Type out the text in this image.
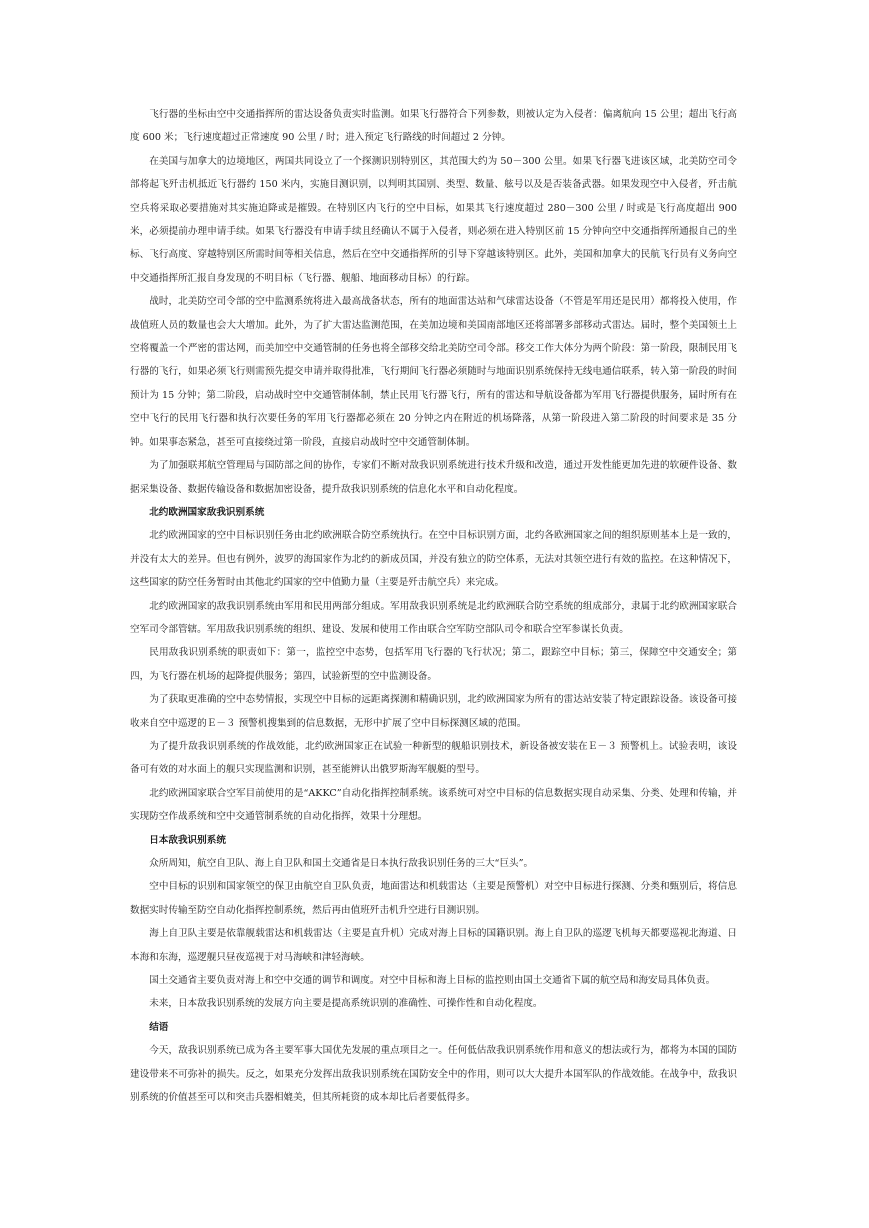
飞行器的坐标由空中交通指挥所的雷达设备负责实时监测。如果飞行器符合下列参数，则被认定为入侵者：偏离航向 15 公里；超出飞行高度 600 米；飞行速度超过正常速度 90 公里 / 时；进入预定飞行路线的时间超过 2 分钟。

在美国与加拿大的边境地区，两国共同设立了一个探测识别特别区，其范围大约为 50－300 公里。如果飞行器飞进该区域，北美防空司令部将起飞歼击机抵近飞行器约 150 米内，实施目测识别，以判明其国别、类型、数量、舷号以及是否装备武器。如果发现空中入侵者，歼击航空兵将采取必要措施对其实施迫降或是摧毁。在特别区内飞行的空中目标，如果其飞行速度超过 280－300 公里 / 时或是飞行高度超出 900 米，必须提前办理申请手续。如果飞行器没有申请手续且经确认不属于入侵者，则必须在进入特别区前 15 分钟向空中交通指挥所通报自己的坐标、飞行高度、穿越特别区所需时间等相关信息，然后在空中交通指挥所的引导下穿越该特别区。此外，美国和加拿大的民航飞行员有义务向空中交通指挥所汇报自身发现的不明目标（飞行器、舰船、地面移动目标）的行踪。

战时，北美防空司令部的空中监测系统将进入最高战备状态，所有的地面雷达站和气球雷达设备（不管是军用还是民用）都将投入使用，作战值班人员的数量也会大大增加。此外，为了扩大雷达监测范围，在美加边境和美国南部地区还将部署多部移动式雷达。届时，整个美国领土上空将覆盖一个严密的雷达网，而美加空中交通管制的任务也将全部移交给北美防空司令部。移交工作大体分为两个阶段：第一阶段，限制民用飞行器的飞行，如果必须飞行则需预先提交申请并取得批准，飞行期间飞行器必须随时与地面识别系统保持无线电通信联系，转入第一阶段的时间预计为 15 分钟；第二阶段，启动战时空中交通管制体制，禁止民用飞行器飞行，所有的雷达和导航设备都为军用飞行器提供服务，届时所有在空中飞行的民用飞行器和执行次要任务的军用飞行器都必须在 20 分钟之内在附近的机场降落，从第一阶段进入第二阶段的时间要求是 35 分钟。如果事态紧急，甚至可直接绕过第一阶段，直接启动战时空中交通管制体制。

为了加强联邦航空管理局与国防部之间的协作，专家们不断对敌我识别系统进行技术升级和改造，通过开发性能更加先进的软硬件设备、数据采集设备、数据传输设备和数据加密设备，提升敌我识别系统的信息化水平和自动化程度。

北约欧洲国家敌我识别系统

北约欧洲国家的空中目标识别任务由北约欧洲联合防空系统执行。在空中目标识别方面，北约各欧洲国家之间的组织原则基本上是一致的，并没有太大的差异。但也有例外，波罗的海国家作为北约的新成员国，并没有独立的防空体系，无法对其领空进行有效的监控。在这种情况下，这些国家的防空任务暂时由其他北约国家的空中值勤力量（主要是歼击航空兵）来完成。

北约欧洲国家的敌我识别系统由军用和民用两部分组成。军用敌我识别系统是北约欧洲联合防空系统的组成部分，隶属于北约欧洲国家联合空军司令部管辖。军用敌我识别系统的组织、建设、发展和使用工作由联合空军防空部队司令和联合空军参谋长负责。

民用敌我识别系统的职责如下：第一，监控空中态势，包括军用飞行器的飞行状况；第二，跟踪空中目标；第三，保障空中交通安全；第四，为飞行器在机场的起降提供服务；第四，试验新型的空中监测设备。

为了获取更准确的空中态势情报，实现空中目标的远距离探测和精确识别，北约欧洲国家为所有的雷达站安装了特定跟踪设备。该设备可接收来自空中巡逻的Ｅ－３ 预警机搜集到的信息数据，无形中扩展了空中目标探测区域的范围。

为了提升敌我识别系统的作战效能，北约欧洲国家正在试验一种新型的舰船识别技术，新设备被安装在Ｅ－３ 预警机上。试验表明，该设备可有效的对水面上的舰只实现监测和识别，甚至能辨认出俄罗斯海军舰艇的型号。

北约欧洲国家联合空军目前使用的是“AKKC”自动化指挥控制系统。该系统可对空中目标的信息数据实现自动采集、分类、处理和传输，并实现防空作战系统和空中交通管制系统的自动化指挥，效果十分理想。

日本敌我识别系统

众所周知，航空自卫队、海上自卫队和国土交通省是日本执行敌我识别任务的三大“巨头”。

空中目标的识别和国家领空的保卫由航空自卫队负责，地面雷达和机载雷达（主要是预警机）对空中目标进行探测、分类和甄别后，将信息数据实时传输至防空自动化指挥控制系统，然后再由值班歼击机升空进行目测识别。

海上自卫队主要是依靠舰载雷达和机载雷达（主要是直升机）完成对海上目标的国籍识别。海上自卫队的巡逻飞机每天都要巡视北海道、日本海和东海，巡逻舰只昼夜巡视于对马海峡和津轻海峡。

国土交通省主要负责对海上和空中交通的调节和调度。对空中目标和海上目标的监控则由国土交通省下属的航空局和海安局具体负责。

未来，日本敌我识别系统的发展方向主要是提高系统识别的准确性、可操作性和自动化程度。

结语

今天，敌我识别系统已成为各主要军事大国优先发展的重点项目之一。任何低估敌我识别系统作用和意义的想法或行为，都将为本国的国防建设带来不可弥补的损失。反之，如果充分发挥出敌我识别系统在国防安全中的作用，则可以大大提升本国军队的作战效能。在战争中，敌我识别系统的价值甚至可以和突击兵器相媲美，但其所耗资的成本却比后者要低得多。
